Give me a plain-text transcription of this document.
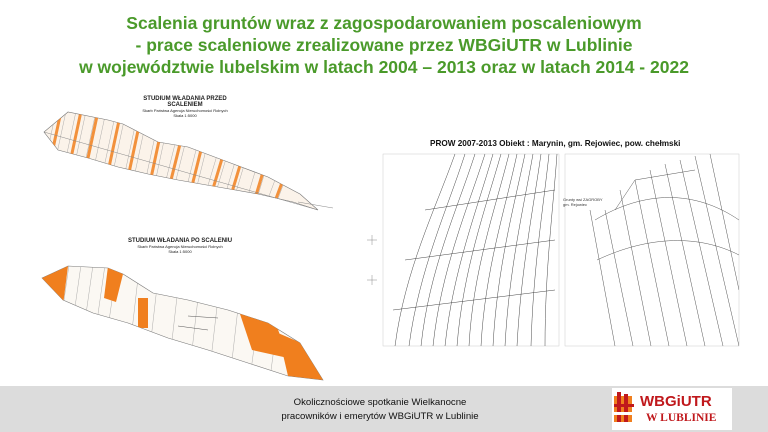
Scalenia gruntów wraz z zagospodarowaniem poscaleniowym
- prace scaleniowe zrealizowane przez WBGiUTR w Lublinie
w województwie lubelskim w latach 2004 – 2013 oraz w latach 2014 - 2022
STUDIUM WŁADANIA PRZED SCALENIEM
Skarb Państwa Agencja Nieruchomości Rolnych
Skala 1:5000
STUDIUM WŁADANIA PO SCALENIU
Skarb Państwa Agencja Nieruchomości Rolnych
Skala 1:5000
PROW 2007-2013 Obiekt : Marynin, gm. Rejowiec, pow. chełmski
Grunty wsi ZAGROBY
gm. Rejowiec
Okolicznościowe spotkanie Wielkanocne
pracowników i emerytów WBGiUTR w Lublinie
WBGiUTR
W LUBLINIE
